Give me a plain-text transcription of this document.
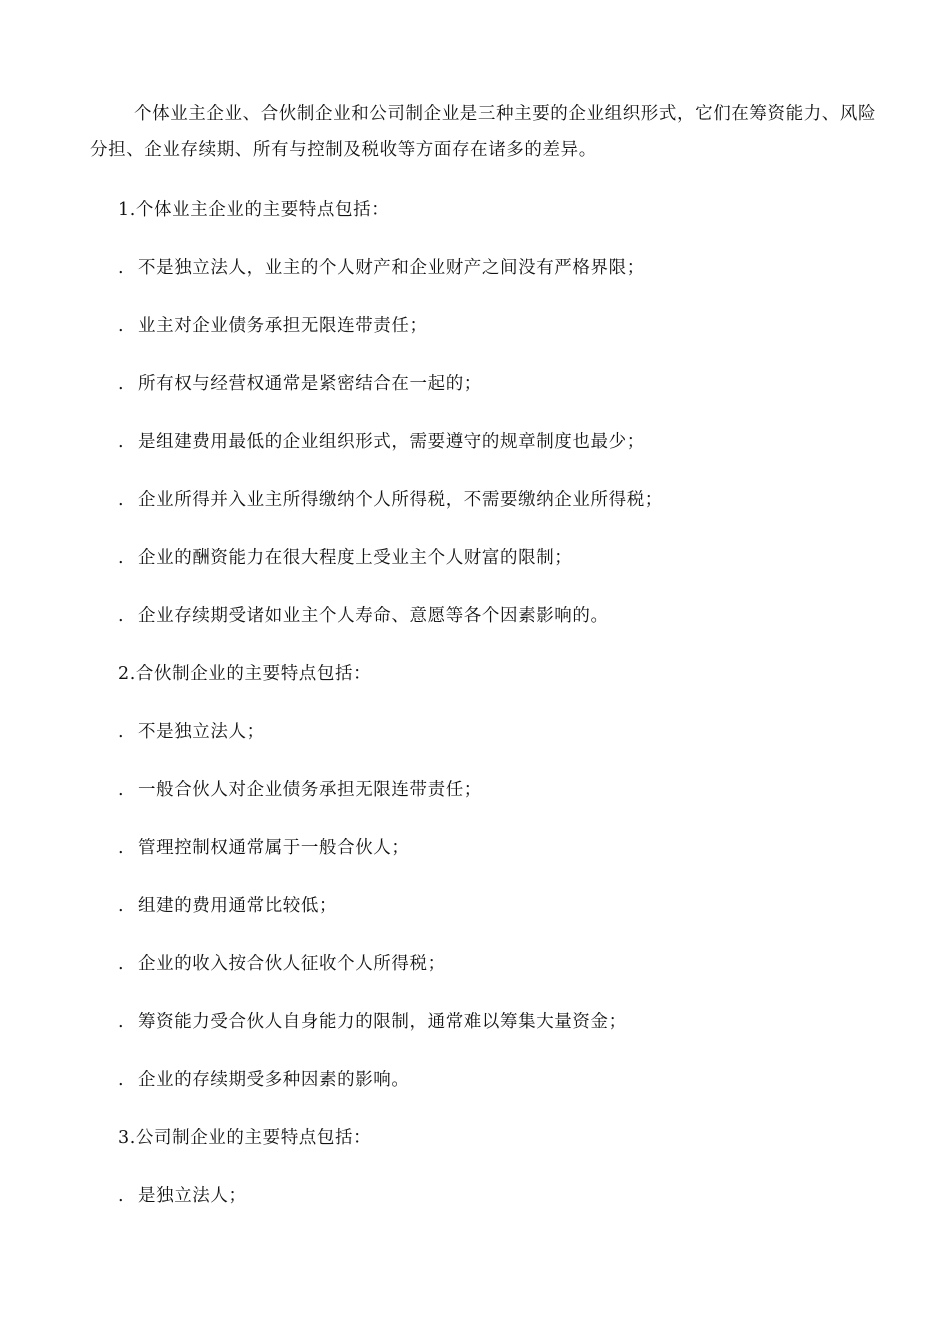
个体业主企业、合伙制企业和公司制企业是三种主要的企业组织形式，它们在筹资能力、风险分担、企业存续期、所有与控制及税收等方面存在诸多的差异。

1.个体业主企业的主要特点包括：

. 不是独立法人，业主的个人财产和企业财产之间没有严格界限；

. 业主对企业债务承担无限连带责任；

. 所有权与经营权通常是紧密结合在一起的；

. 是组建费用最低的企业组织形式，需要遵守的规章制度也最少；

. 企业所得并入业主所得缴纳个人所得税，不需要缴纳企业所得税；

. 企业的酬资能力在很大程度上受业主个人财富的限制；

. 企业存续期受诸如业主个人寿命、意愿等各个因素影响的。

2.合伙制企业的主要特点包括：

. 不是独立法人；

. 一般合伙人对企业债务承担无限连带责任；

. 管理控制权通常属于一般合伙人；

. 组建的费用通常比较低；

. 企业的收入按合伙人征收个人所得税；

. 筹资能力受合伙人自身能力的限制，通常难以筹集大量资金；

. 企业的存续期受多种因素的影响。

3.公司制企业的主要特点包括：

. 是独立法人；
